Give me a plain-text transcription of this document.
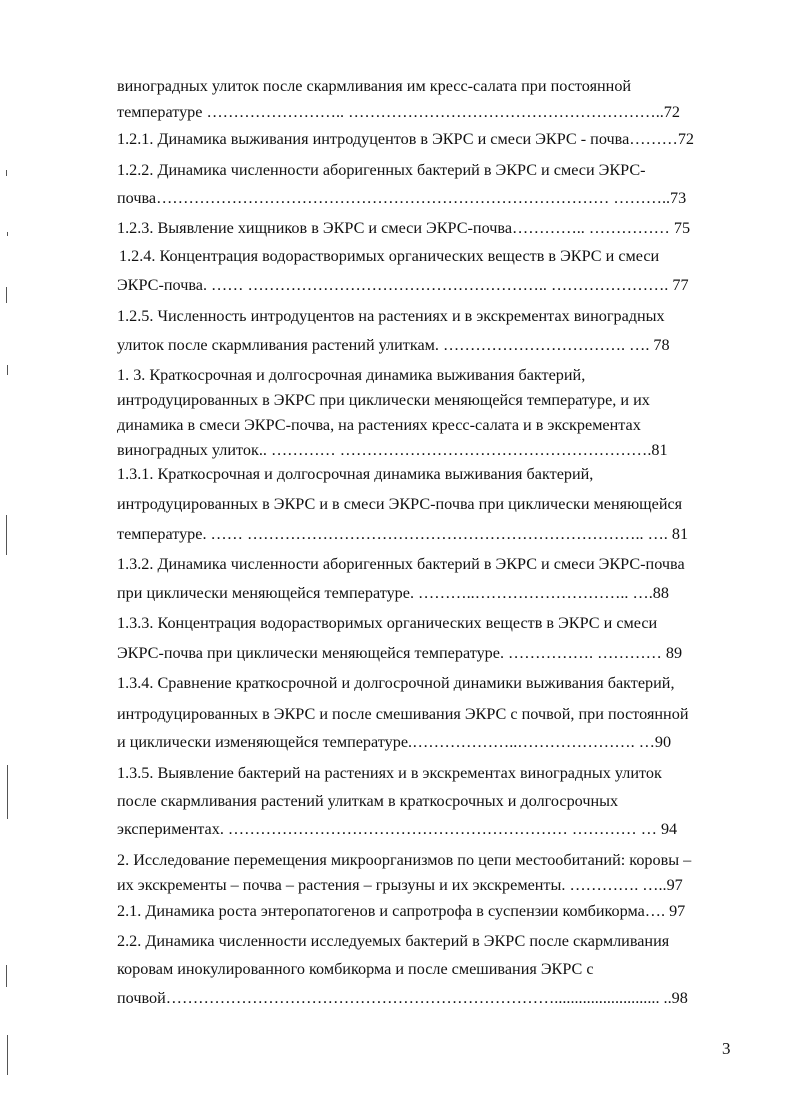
виноградных улиток после скармливания им кресс-салата при постоянной
температуре …………………….. …………………………………………………..72
1.2.1. Динамика выживания интродуцентов в ЭКРС и смеси ЭКРС - почва………72
1.2.2. Динамика численности аборигенных бактерий в ЭКРС и смеси ЭКРС-
почва………………………………………………………………………… ………..73
1.2.3. Выявление хищников в ЭКРС и смеси ЭКРС-почва………….. …………… 75
1.2.4. Концентрация водорастворимых органических веществ в ЭКРС и смеси
ЭКРС-почва. …… ……………………………………………….. …………………. 77
1.2.5. Численность интродуцентов на растениях и в экскрементах виноградных
улиток после скармливания растений улиткам. ……………………………. …. 78
1. 3. Краткосрочная и долгосрочная динамика выживания бактерий,
интродуцированных в ЭКРС при циклически меняющейся температуре, и их
динамика в смеси ЭКРС-почва, на растениях кресс-салата и в экскрементах
виноградных улиток.. ………… ………………………………………………….81
1.3.1. Краткосрочная и долгосрочная динамика выживания бактерий,
интродуцированных в ЭКРС и в смеси ЭКРС-почва при циклически меняющейся
температуре. …… ……………………………………………………………….. …. 81
1.3.2. Динамика численности аборигенных бактерий в ЭКРС и смеси ЭКРС-почва
при циклически меняющейся температуре. ………..……………………….. ….88
1.3.3. Концентрация водорастворимых органических веществ в ЭКРС и смеси
ЭКРС-почва при циклически меняющейся температуре. ……………. ………… 89
1.3.4. Сравнение краткосрочной и долгосрочной динамики выживания бактерий,
интродуцированных в ЭКРС и после смешивания ЭКРС с почвой, при постоянной
и циклически изменяющейся температуре.………………..…………………. …90
1.3.5. Выявление бактерий на растениях и в экскрементах виноградных улиток
после скармливания растений улиткам в краткосрочных и долгосрочных
экспериментах. ……………………………………………………… ………… … 94
2. Исследование перемещения микроорганизмов по цепи местообитаний: коровы –
их экскременты – почва – растения – грызуны и их экскременты. …………. …..97
2.1. Динамика роста энтеропатогенов и сапротрофа в суспензии комбикорма…. 97
2.2. Динамика численности исследуемых бактерий в ЭКРС после скармливания
коровам инокулированного комбикорма и после смешивания ЭКРС с
почвой……………………………………………………………….......................... ..98
3
